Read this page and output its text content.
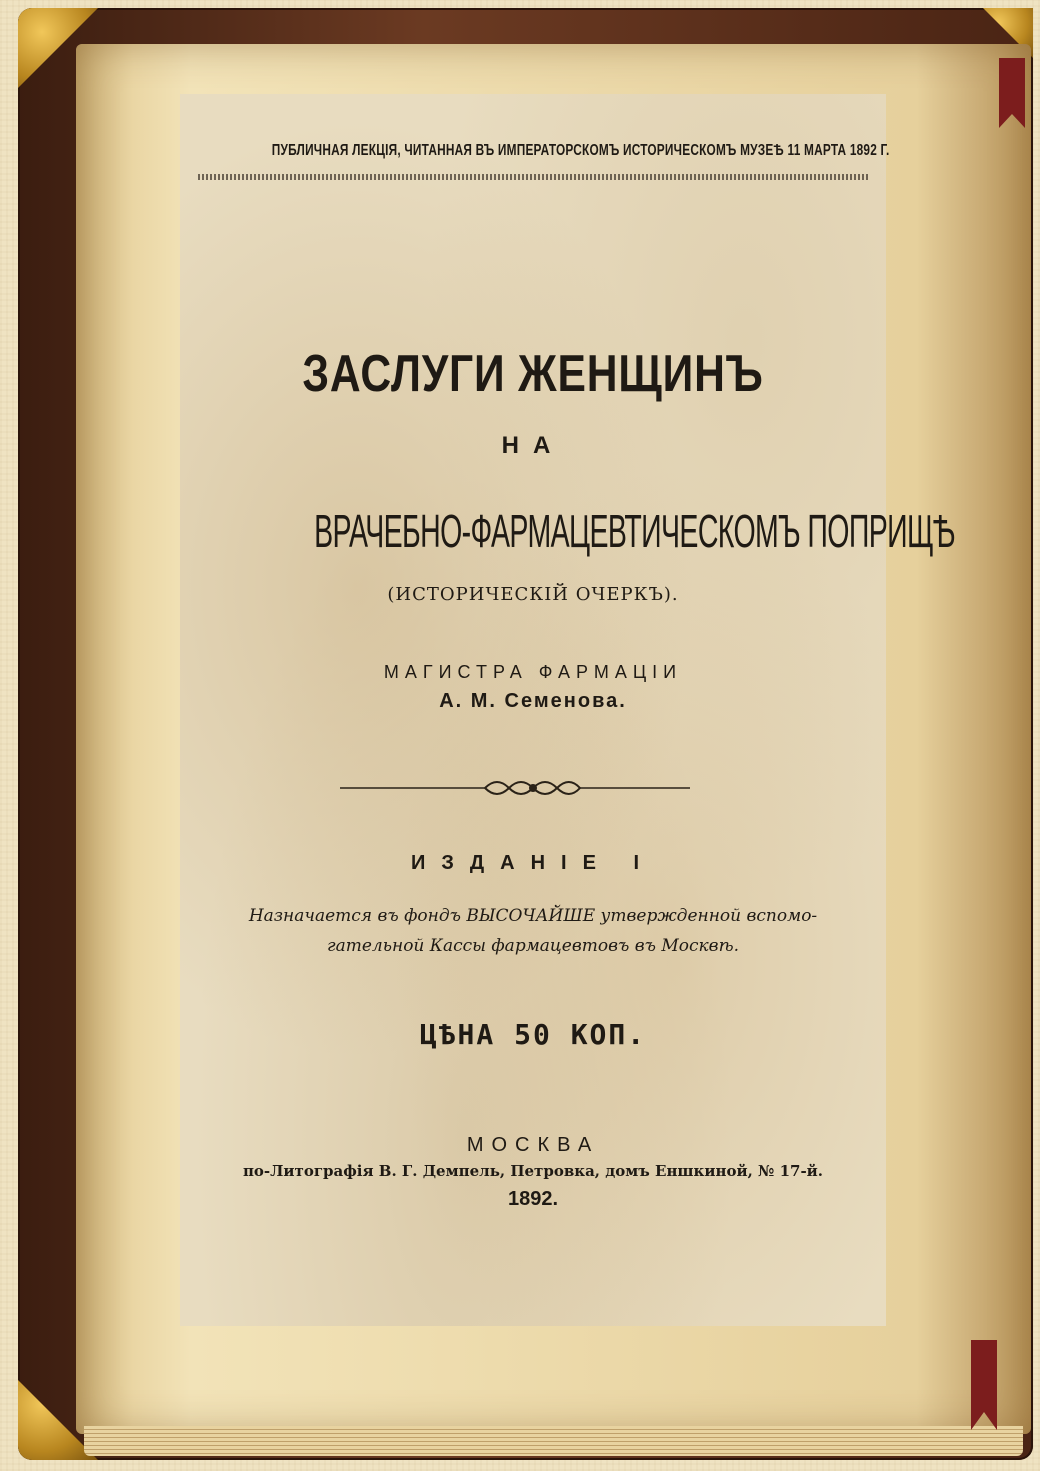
ПУБЛИЧНАЯ ЛЕКЦІЯ, ЧИТАННАЯ ВЪ ИМПЕРАТОРСКОМЪ ИСТОРИЧЕСКОМЪ МУЗЕѢ 11 МАРТА 1892 Г.
ЗАСЛУГИ ЖЕНЩИНЪ
НА
ВРАЧЕБНО-ФАРМАЦЕВТИЧЕСКОМЪ ПОПРИЩѢ
(ИСТОРИЧЕСКІЙ ОЧЕРКЪ).
МАГИСТРА ФАРМАЦІИ
А. М. Семенова.
ИЗДАНІЕ I
Назначается въ фондъ ВЫСОЧАЙШЕ утвержденной вспомо-
гательной Кассы фармацевтовъ въ Москвѣ.
ЦѢНА 50 КОП.
МОСКВА
по-Литографія В. Г. Демпель, Петровка, домъ Еншкиной, № 17-й.
1892.
